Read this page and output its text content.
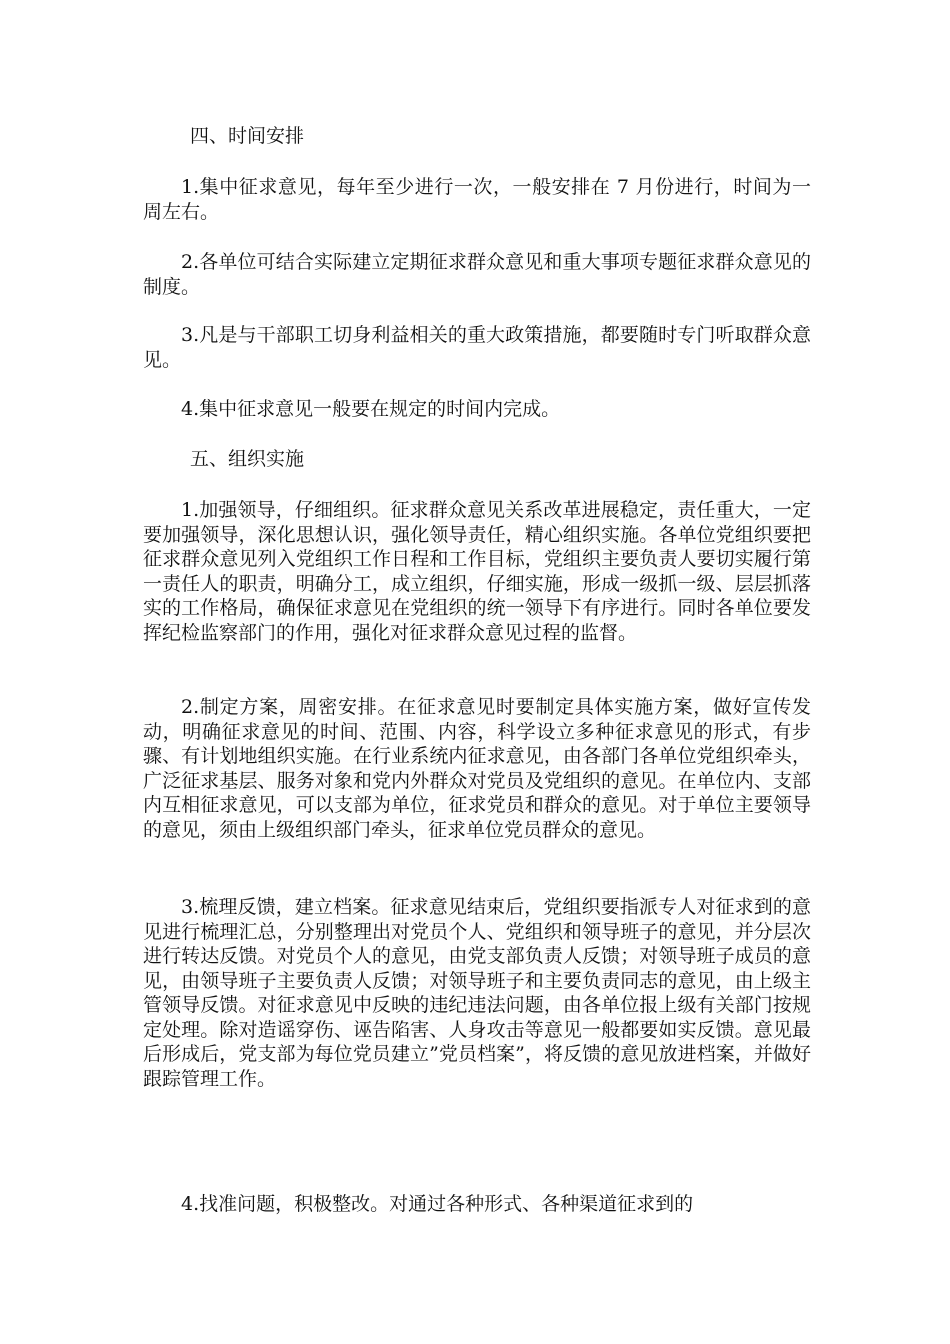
四、时间安排

1.集中征求意见，每年至少进行一次，一般安排在 7 月份进行，时间为一周左右。

2.各单位可结合实际建立定期征求群众意见和重大事项专题征求群众意见的制度。

3.凡是与干部职工切身利益相关的重大政策措施，都要随时专门听取群众意见。

4.集中征求意见一般要在规定的时间内完成。

五、组织实施

1.加强领导，仔细组织。征求群众意见关系改革进展稳定，责任重大，一定要加强领导，深化思想认识，强化领导责任，精心组织实施。各单位党组织要把征求群众意见列入党组织工作日程和工作目标，党组织主要负责人要切实履行第一责任人的职责，明确分工，成立组织，仔细实施，形成一级抓一级、层层抓落实的工作格局，确保征求意见在党组织的统一领导下有序进行。同时各单位要发挥纪检监察部门的作用，强化对征求群众意见过程的监督。

2.制定方案，周密安排。在征求意见时要制定具体实施方案，做好宣传发动，明确征求意见的时间、范围、内容，科学设立多种征求意见的形式，有步骤、有计划地组织实施。在行业系统内征求意见，由各部门各单位党组织牵头，广泛征求基层、服务对象和党内外群众对党员及党组织的意见。在单位内、支部内互相征求意见，可以支部为单位，征求党员和群众的意见。对于单位主要领导的意见，须由上级组织部门牵头，征求单位党员群众的意见。

3.梳理反馈，建立档案。征求意见结束后，党组织要指派专人对征求到的意见进行梳理汇总，分别整理出对党员个人、党组织和领导班子的意见，并分层次进行转达反馈。对党员个人的意见，由党支部负责人反馈；对领导班子成员的意见，由领导班子主要负责人反馈；对领导班子和主要负责同志的意见，由上级主管领导反馈。对征求意见中反映的违纪违法问题，由各单位报上级有关部门按规定处理。除对造谣穿伤、诬告陷害、人身攻击等意见一般都要如实反馈。意见最后形成后，党支部为每位党员建立”党员档案”，将反馈的意见放进档案，并做好跟踪管理工作。

4.找准问题，积极整改。对通过各种形式、各种渠道征求到的
